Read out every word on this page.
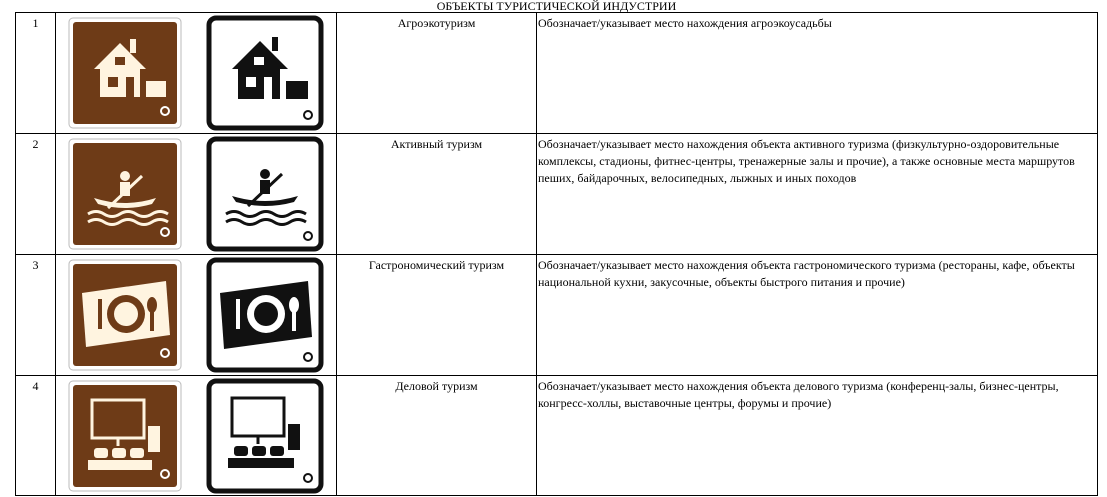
ОБЪЕКТЫ ТУРИСТИЧЕСКОЙ ИНДУСТРИИ
1		Агроэкотуризм	Обозначает/указывает место нахождения агроэкоусадьбы
2		Активный туризм	Обозначает/указывает место нахождения объекта активного туризма (физкультурно-оздоровительные комплексы, стадионы, фитнес-центры, тренажерные залы и прочие), а также основные места маршрутов пеших, байдарочных, велосипедных, лыжных и иных походов
3		Гастрономический туризм	Обозначает/указывает место нахождения объекта гастрономического туризма (рестораны, кафе, объекты национальной кухни, закусочные, объекты быстрого питания и прочие)
4		Деловой туризм	Обозначает/указывает место нахождения объекта делового туризма (конференц-залы, бизнес-центры, конгресс-холлы, выставочные центры, форумы и прочие)
